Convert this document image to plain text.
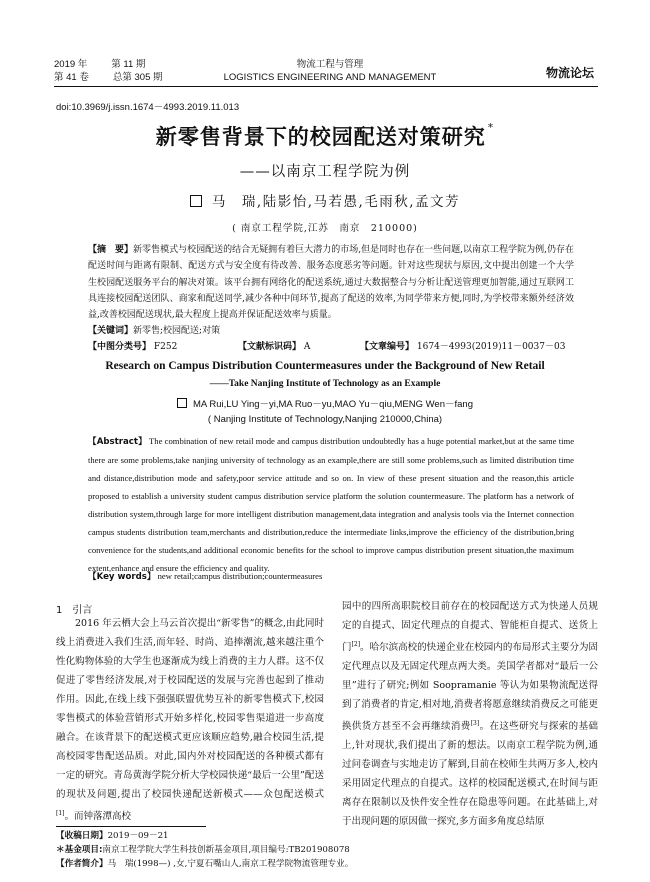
2019 年	第 11 期
第 41 卷	总第 305 期
物流工程与管理
LOGISTICS ENGINEERING AND MANAGEMENT	物流论坛
doi:10.3969/j.issn.1674－4993.2019.11.013
新零售背景下的校园配送对策研究 *
——以南京工程学院为例
马　瑞,陆影怡,马若愚,毛雨秋,孟文芳
( 南京工程学院,江苏　南京　210000)
【摘　要】新零售模式与校园配送的结合无疑拥有着巨大潜力的市场,但是同时也存在一些问题,以南京工程学院为例,仍存在配送时间与距离有限制、配送方式与安全度有待改善、服务态度恶劣等问题。针对这些现状与原因,文中提出创建一个大学生校园配送服务平台的解决对策。该平台拥有网络化的配送系统,通过大数据整合与分析让配送管理更加智能,通过互联网工具连接校园配送团队、商家和配送同学,减少各种中间环节,提高了配送的效率,为同学带来方便,同时,为学校带来额外经济效益,改善校园配送现状,最大程度上提高并保证配送效率与质量。
【关键词】新零售;校园配送;对策
【中图分类号】 F252	【文献标识码】 A	【文章编号】 1674－4993(2019)11－0037－03
Research on Campus Distribution Countermeasures under the Background of New Retail
——Take Nanjing Institute of Technology as an Example
MA Rui,LU Ying－yi,MA Ruo－yu,MAO Yu－qiu,MENG Wen－fang
( Nanjing Institute of Technology,Nanjing 210000,China)
【Abstract】 The combination of new retail mode and campus distribution undoubtedly has a huge potential market,but at the same time there are some problems,take nanjing university of technology as an example,there are still some problems,such as limited distribution time and distance,distribution mode and safety,poor service attitude and so on. In view of these present situation and the reason,this article proposed to establish a university student campus distribution service platform the solution countermeasure. The platform has a network of distribution system,through large for more intelligent distribution management,data integration and analysis tools via the Internet connection campus students distribution team,merchants and distribution,reduce the intermediate links,improve the efficiency of the distribution,bring convenience for the students,and additional economic benefits for the school to improve campus distribution present situation,the maximum extent,enhance and ensure the efficiency and quality.
【Key words】 new retail;campus distribution;countermeasures
1　引言
2016 年云栖大会上马云首次提出“新零售”的概念,由此同时线上消费进入我们生活,而年轻、时尚、追捧潮流,越来越注重个性化购物体验的大学生也逐渐成为线上消费的主力人群。这不仅促进了零售经济发展,对于校园配送的发展与完善也起到了推动作用。因此,在线上线下强强联盟优势互补的新零售模式下,校园零售模式的体验营销形式开始多样化,校园零售渠道进一步高度融合。在该背景下的配送模式更应该顺应趋势,融合校园生活,提高校园零售配送品质。对此,国内外对校园配送的各种模式都有一定的研究。青岛黄海学院分析大学校园快递“最后一公里”配送的现状及问题,提出了校园快递配送新模式——众包配送模式[1]。而钟落潭高校
园中的四所高职院校目前存在的校园配送方式为快递人员规定的自提式、固定代理点的自提式、智能柜自提式、送货上门[2]。哈尔滨高校的快递企业在校园内的布局形式主要分为固定代理点以及无固定代理点两大类。美国学者都对“最后一公里”进行了研究;例如 Soopramanie 等认为如果物流配送得到了消费者的肯定,相对地,消费者将愿意继续消费反之可能更换供货方甚至不会再继续消费[3]。在这些研究与探索的基础上,针对现状,我们提出了新的想法。以南京工程学院为例,通过问卷调查与实地走访了解到,目前在校师生共两万多人,校内采用固定代理点的自提式。这样的校园配送模式,在时间与距离存在限制以及快件安全性存在隐患等问题。在此基础上,对于出现问题的原因做一探究,多方面多角度总结原
【收稿日期】2019－09－21
＊基金项目:南京工程学院大学生科技创新基金项目,项目编号:TB201908078
【作者简介】马　瑞(1998—) ,女,宁夏石嘴山人,南京工程学院物流管理专业。
